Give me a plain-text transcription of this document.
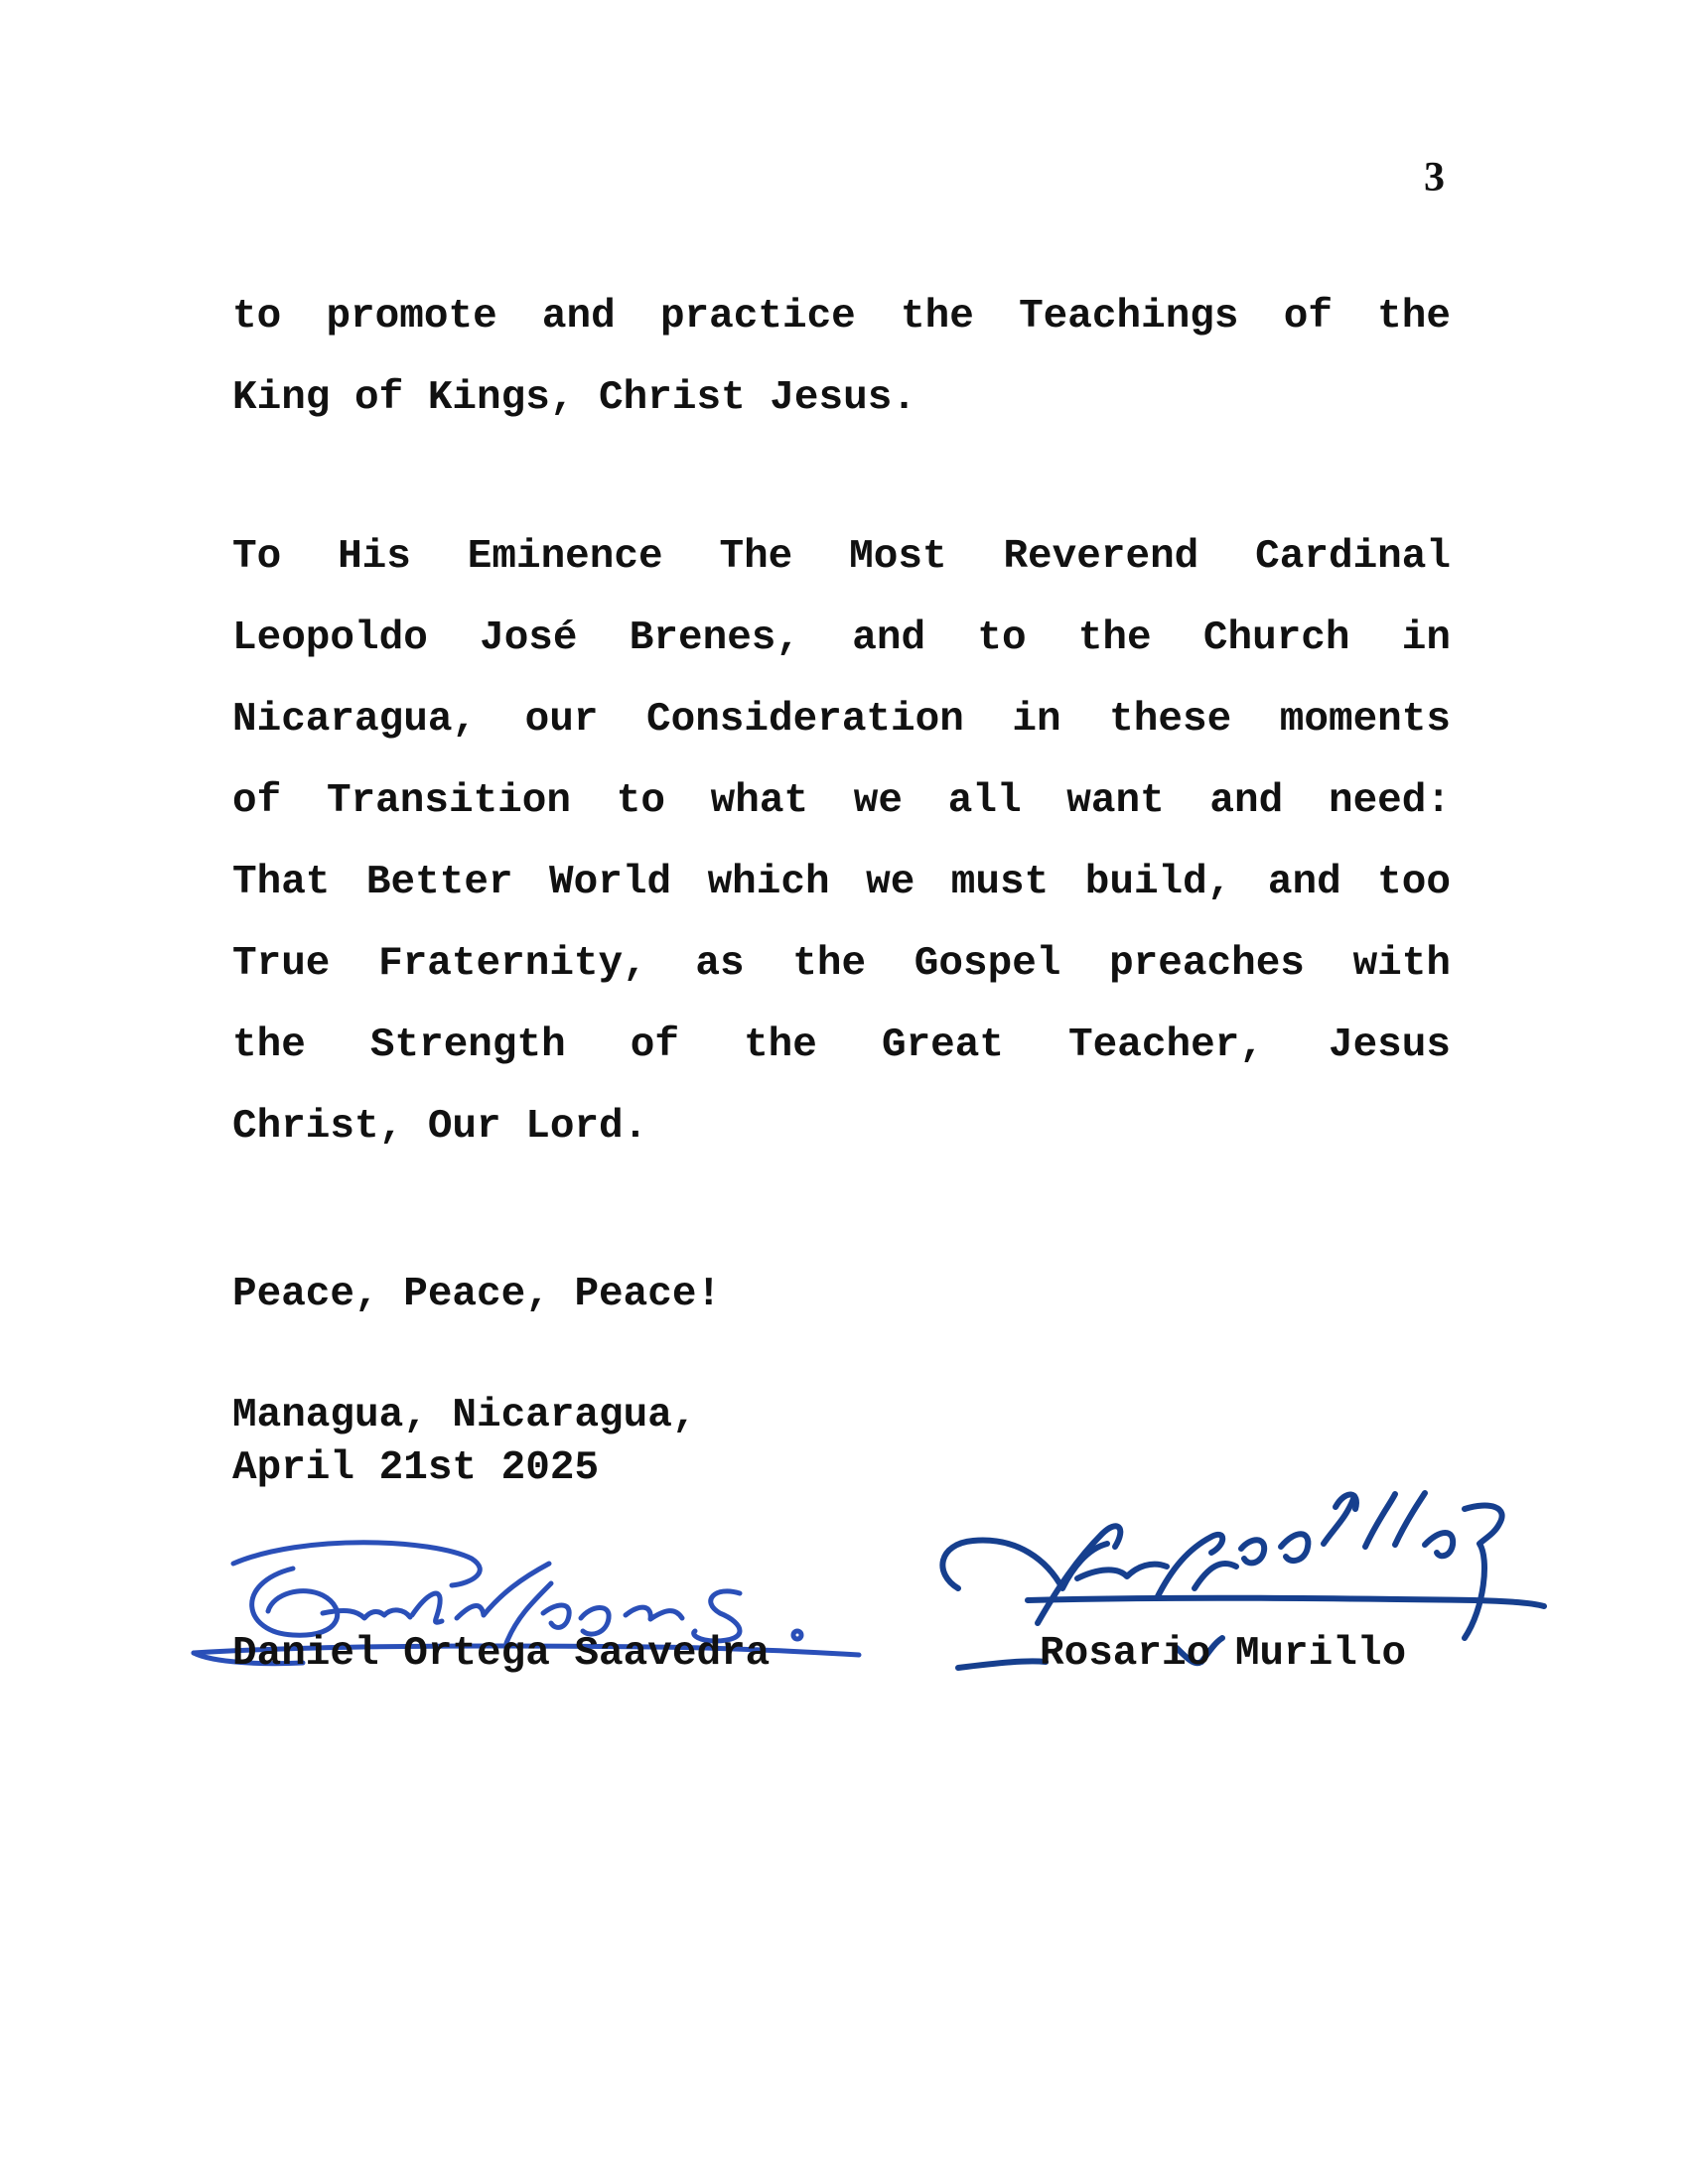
3
to promote and practice the Teachings of the
King of Kings, Christ Jesus.
To His Eminence The Most Reverend Cardinal
Leopoldo José Brenes, and to the Church in
Nicaragua, our Consideration in these moments
of Transition to what we all want and need:
That Better World which we must build, and too
True Fraternity, as the Gospel preaches with
the Strength of the Great Teacher, Jesus
Christ, Our Lord.
Peace, Peace, Peace!
Managua, Nicaragua,
April 21st 2025
Daniel Ortega Saavedra	Rosario Murillo
